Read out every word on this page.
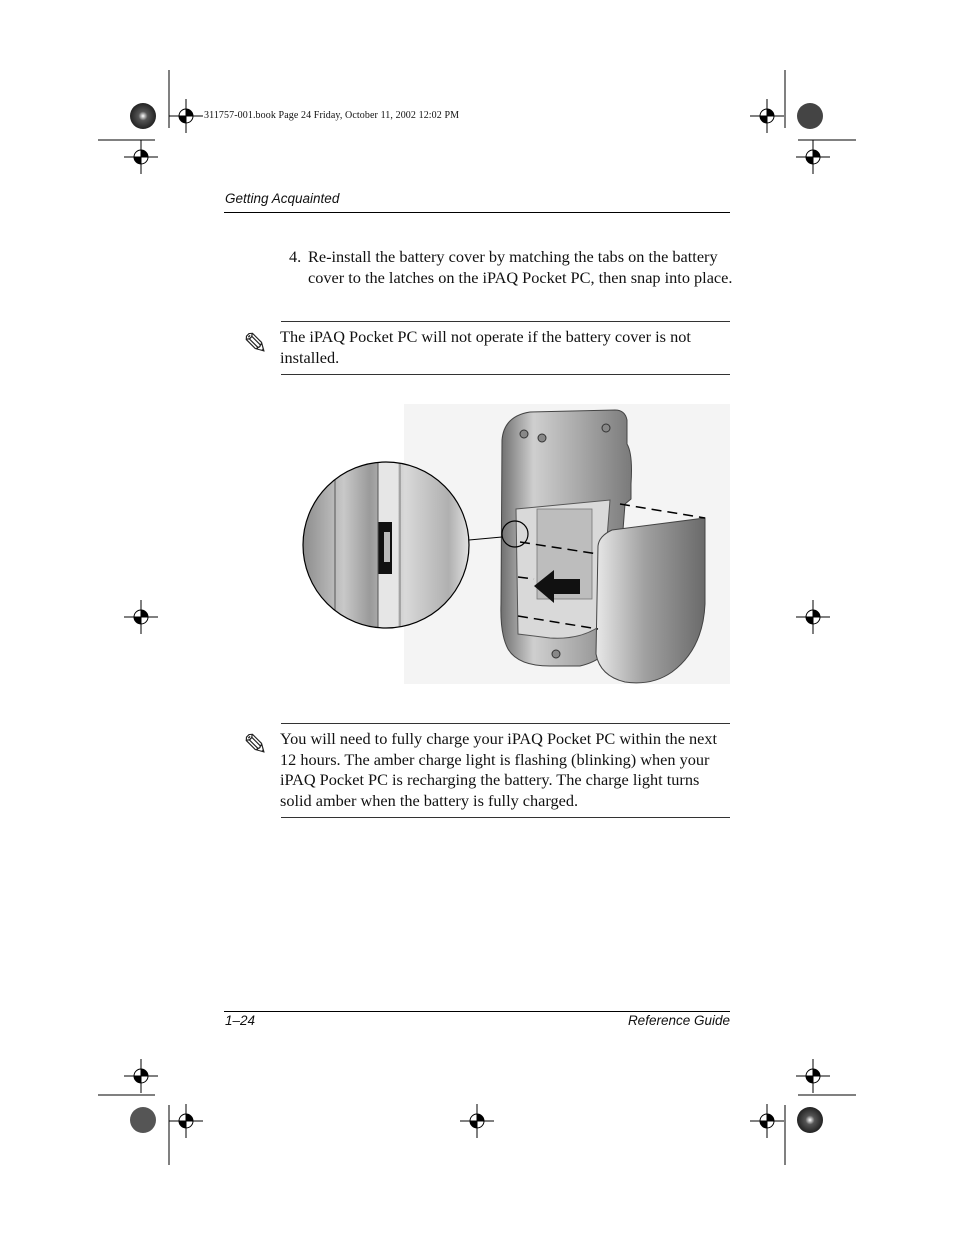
311757-001.book Page 24 Friday, October 11, 2002 12:02 PM
Getting Acquainted
4. Re-install the battery cover by matching the tabs on the battery cover to the latches on the iPAQ Pocket PC, then snap into place.
✎ The iPAQ Pocket PC will not operate if the battery cover is not installed.
✎ You will need to fully charge your iPAQ Pocket PC within the next 12 hours. The amber charge light is flashing (blinking) when your iPAQ Pocket PC is recharging the battery. The charge light turns solid amber when the battery is fully charged.
1–24	Reference Guide
